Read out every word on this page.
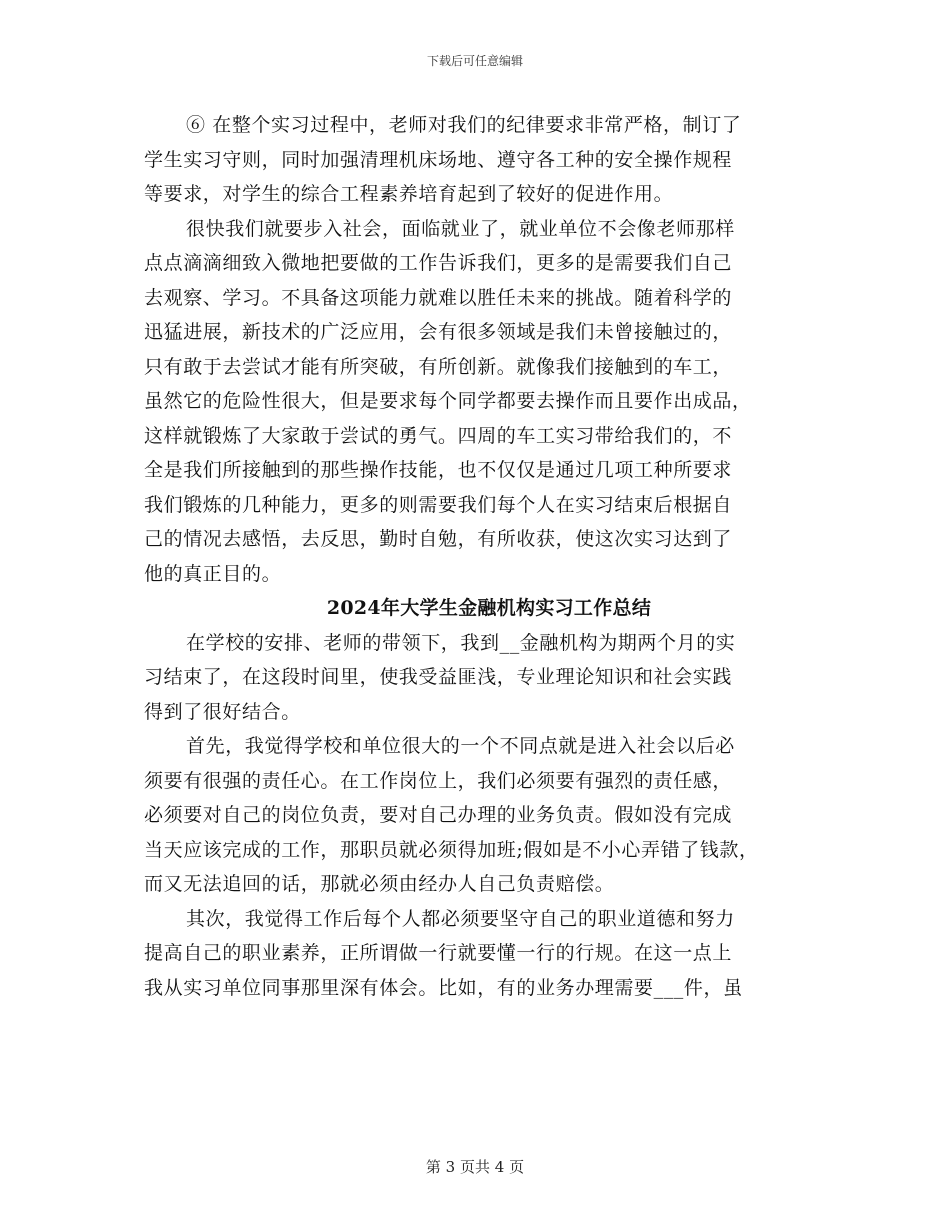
下载后可任意编辑
⑥ 在整个实习过程中，老师对我们的纪律要求非常严格，制订了
学生实习守则，同时加强清理机床场地、遵守各工种的安全操作规程
等要求，对学生的综合工程素养培育起到了较好的促进作用。
很快我们就要步入社会，面临就业了，就业单位不会像老师那样
点点滴滴细致入微地把要做的工作告诉我们，更多的是需要我们自己
去观察、学习。不具备这项能力就难以胜任未来的挑战。随着科学的
迅猛进展，新技术的广泛应用，会有很多领域是我们未曾接触过的，
只有敢于去尝试才能有所突破，有所创新。就像我们接触到的车工，
虽然它的危险性很大，但是要求每个同学都要去操作而且要作出成品，
这样就锻炼了大家敢于尝试的勇气。四周的车工实习带给我们的，不
全是我们所接触到的那些操作技能，也不仅仅是通过几项工种所要求
我们锻炼的几种能力，更多的则需要我们每个人在实习结束后根据自
己的情况去感悟，去反思，勤时自勉，有所收获，使这次实习达到了
他的真正目的。
2024年大学生金融机构实习工作总结
在学校的安排、老师的带领下，我到__金融机构为期两个月的实
习结束了，在这段时间里，使我受益匪浅，专业理论知识和社会实践
得到了很好结合。
首先，我觉得学校和单位很大的一个不同点就是进入社会以后必
须要有很强的责任心。在工作岗位上，我们必须要有强烈的责任感，
必须要对自己的岗位负责，要对自己办理的业务负责。假如没有完成
当天应该完成的工作，那职员就必须得加班;假如是不小心弄错了钱款，
而又无法追回的话，那就必须由经办人自己负责赔偿。
其次，我觉得工作后每个人都必须要坚守自己的职业道德和努力
提高自己的职业素养，正所谓做一行就要懂一行的行规。在这一点上
我从实习单位同事那里深有体会。比如，有的业务办理需要___件，虽
第 3 页共 4 页
